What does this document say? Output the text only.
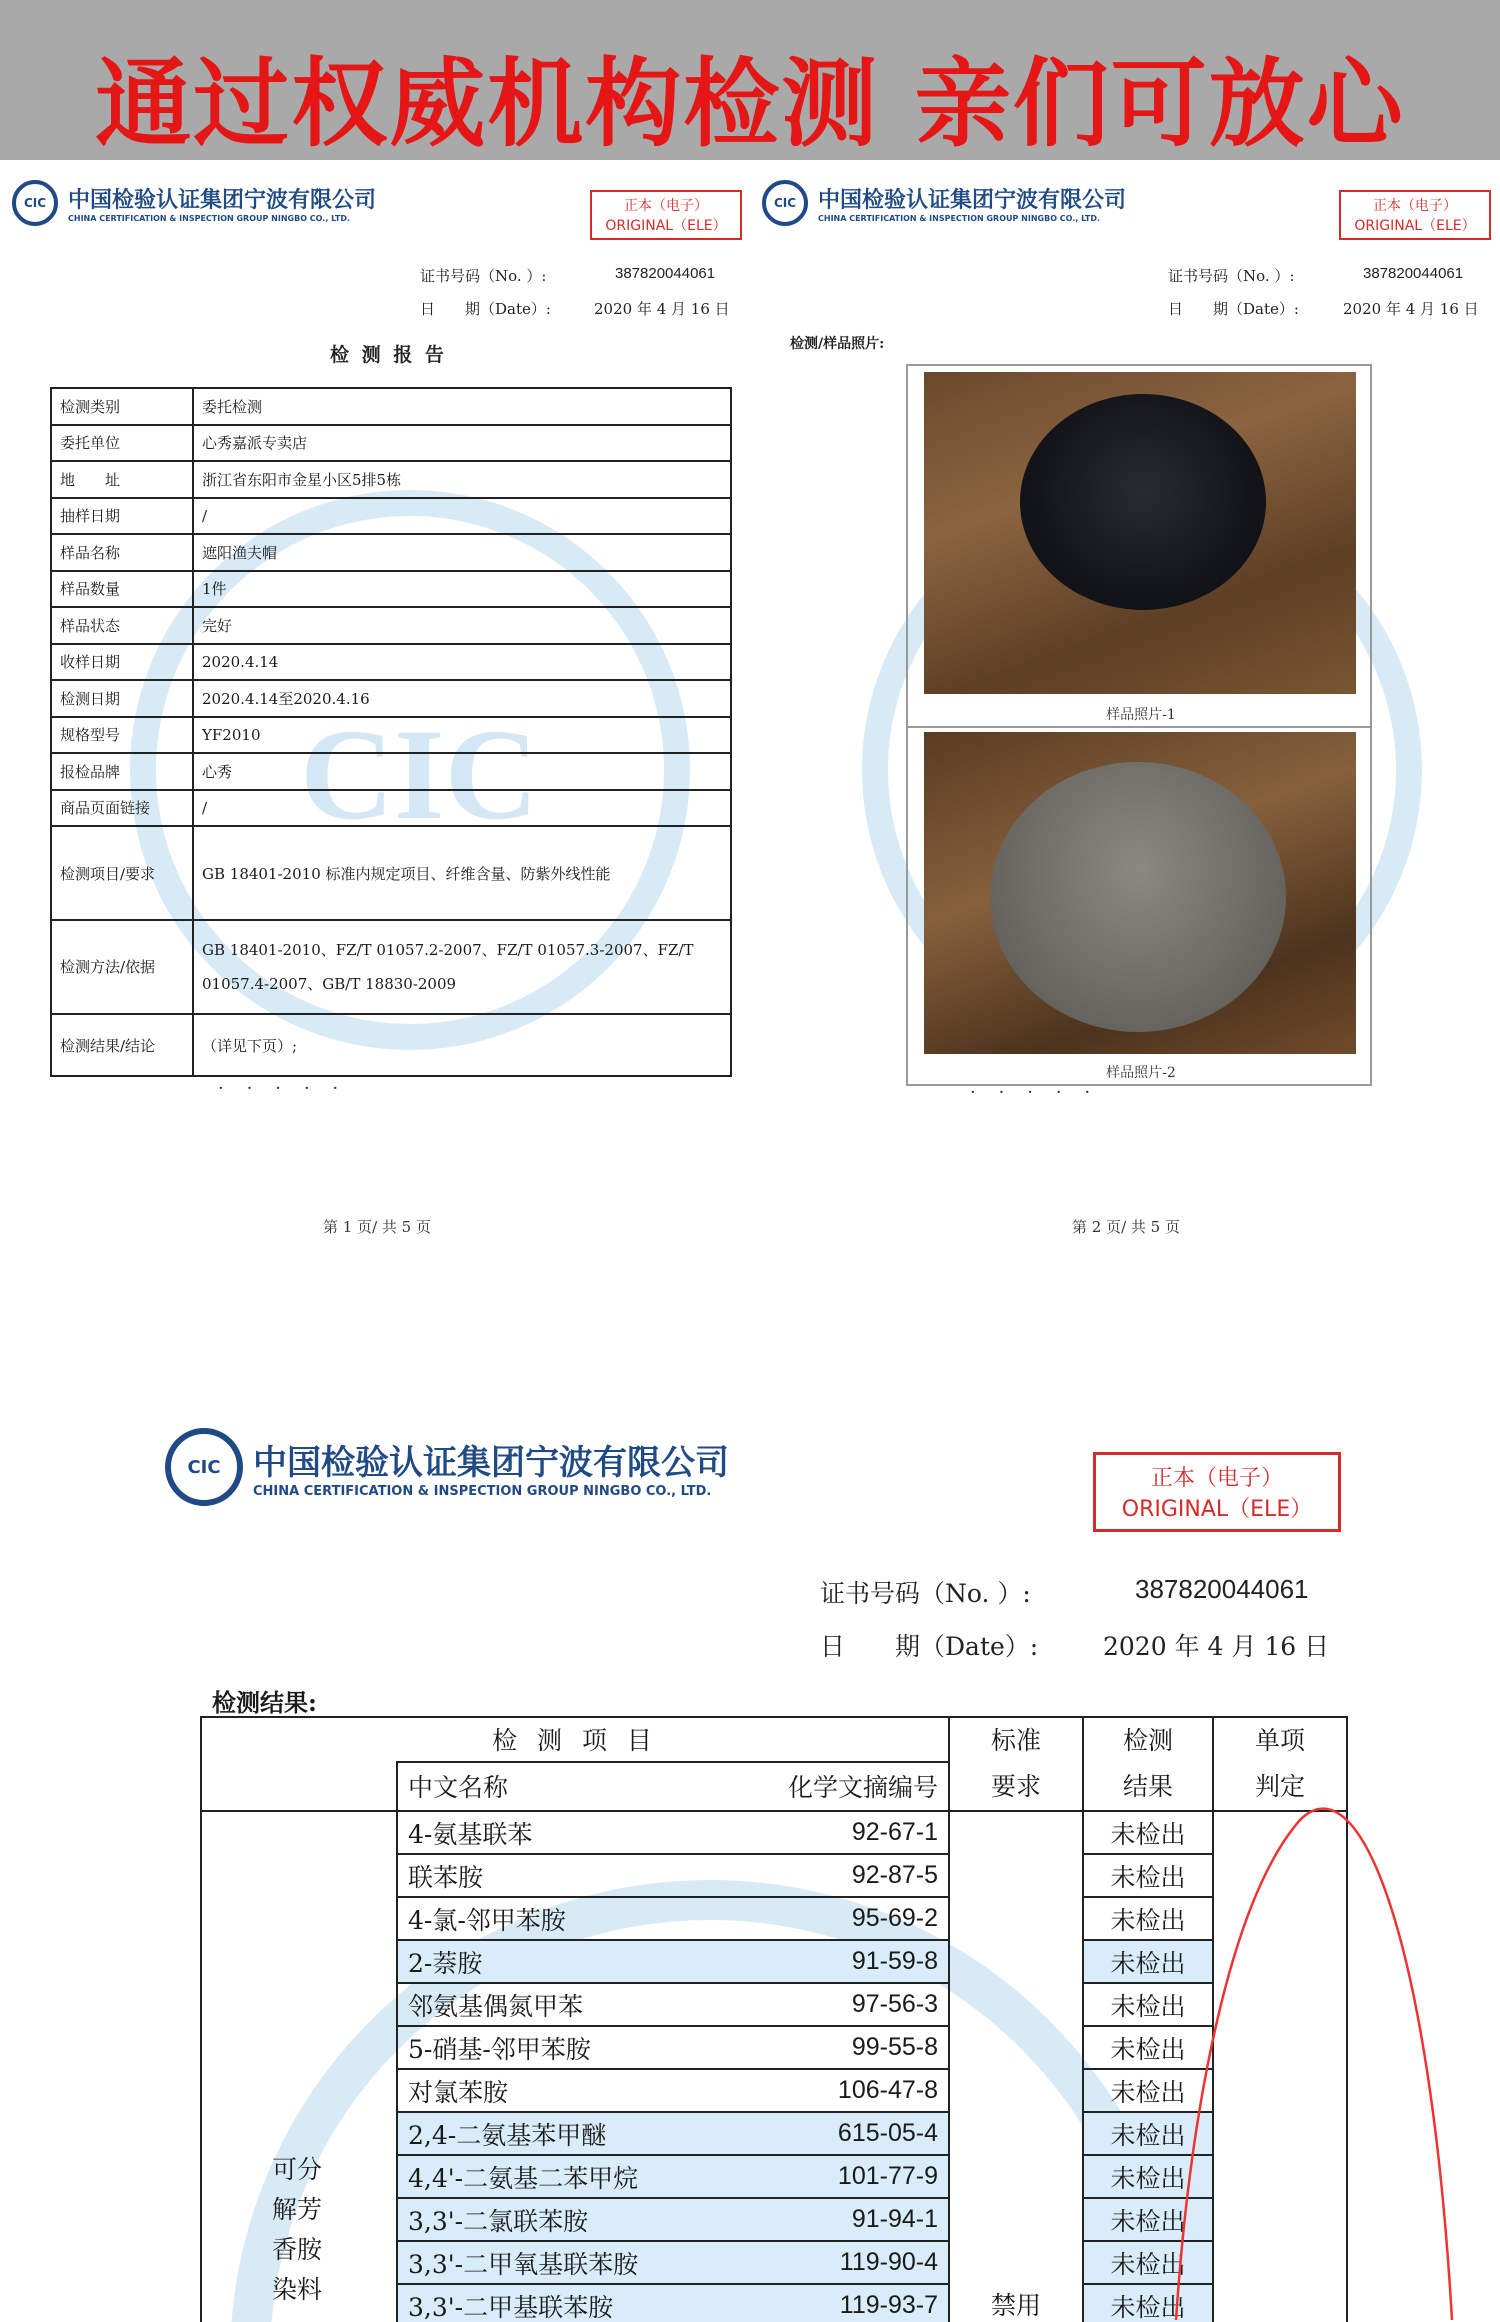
通过权威机构检测 亲们可放心
CIC
CIC 中国检验认证集团宁波有限公司
CHINA CERTIFICATION & INSPECTION GROUP NINGBO CO., LTD.
正本（电子）
ORIGINAL（ELE）
证书号码（No. ）:	387820044061
日　　期（Date）:	2020 年 4 月 16 日
检 测 报 告
检测类别	委托检测
委托单位	心秀嘉派专卖店
地　　址	浙江省东阳市金星小区5排5栋
抽样日期	/
样品名称	遮阳渔夫帽
样品数量	1件
样品状态	完好
收样日期	2020.4.14
检测日期	2020.4.14至2020.4.16
规格型号	YF2010
报检品牌	心秀
商品页面链接	/
检测项目/要求	GB 18401-2010 标准内规定项目、纤维含量、防紫外线性能
检测方法/依据	GB 18401-2010、FZ/T 01057.2-2007、FZ/T 01057.3-2007、FZ/T 01057.4-2007、GB/T 18830-2009
检测结果/结论	（详见下页）;
·    ·    ·    ·    ·
第 1 页/ 共 5 页
CIC 中国检验认证集团宁波有限公司
CHINA CERTIFICATION & INSPECTION GROUP NINGBO CO., LTD.
正本（电子）
ORIGINAL（ELE）
证书号码（No. ）:	387820044061
日　　期（Date）:	2020 年 4 月 16 日
检测/样品照片:
样品照片-1
样品照片-2
·    ·    ·    ·    ·
第 2 页/ 共 5 页
CIC 中国检验认证集团宁波有限公司
CHINA CERTIFICATION & INSPECTION GROUP NINGBO CO., LTD.
正本（电子）
ORIGINAL（ELE）
证书号码（No. ）:	387820044061
日　　期（Date）:	2020 年 4 月 16 日
检测结果:
检 测 项 目			标准要求	检测结果	单项判定
	中文名称	化学文摘编号			
可分解芳香胺染料	4-氨基联苯	92-67-1	禁用	未检出	
	联苯胺	92-87-5		未检出	
	4-氯-邻甲苯胺	95-69-2		未检出	
	2-萘胺	91-59-8		未检出	
	邻氨基偶氮甲苯	97-56-3		未检出	
	5-硝基-邻甲苯胺	99-55-8		未检出	
	对氯苯胺	106-47-8		未检出	
	2,4-二氨基苯甲醚	615-05-4		未检出	
	4,4'-二氨基二苯甲烷	101-77-9		未检出	
	3,3'-二氯联苯胺	91-94-1		未检出	
	3,3'-二甲氧基联苯胺	119-90-4		未检出	
	3,3'-二甲基联苯胺	119-93-7		未检出	
